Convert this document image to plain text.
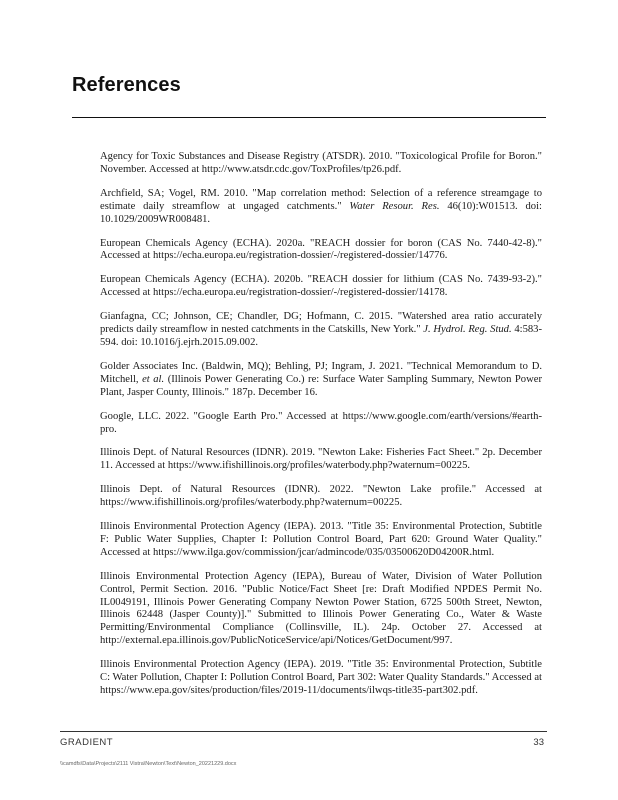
References

Agency for Toxic Substances and Disease Registry (ATSDR). 2010. "Toxicological Profile for Boron." November. Accessed at http://www.atsdr.cdc.gov/ToxProfiles/tp26.pdf.

Archfield, SA; Vogel, RM. 2010. "Map correlation method: Selection of a reference streamgage to estimate daily streamflow at ungaged catchments." Water Resour. Res. 46(10):W01513. doi: 10.1029/2009WR008481.

European Chemicals Agency (ECHA). 2020a. "REACH dossier for boron (CAS No. 7440-42-8)." Accessed at https://echa.europa.eu/registration-dossier/-/registered-dossier/14776.

European Chemicals Agency (ECHA). 2020b. "REACH dossier for lithium (CAS No. 7439-93-2)." Accessed at https://echa.europa.eu/registration-dossier/-/registered-dossier/14178.

Gianfagna, CC; Johnson, CE; Chandler, DG; Hofmann, C. 2015. "Watershed area ratio accurately predicts daily streamflow in nested catchments in the Catskills, New York." J. Hydrol. Reg. Stud. 4:583-594. doi: 10.1016/j.ejrh.2015.09.002.

Golder Associates Inc. (Baldwin, MQ); Behling, PJ; Ingram, J. 2021. "Technical Memorandum to D. Mitchell, et al. (Illinois Power Generating Co.) re: Surface Water Sampling Summary, Newton Power Plant, Jasper County, Illinois." 187p. December 16.

Google, LLC. 2022. "Google Earth Pro." Accessed at https://www.google.com/earth/versions/#earth-pro.

Illinois Dept. of Natural Resources (IDNR). 2019. "Newton Lake: Fisheries Fact Sheet." 2p. December 11. Accessed at https://www.ifishillinois.org/profiles/waterbody.php?waternum=00225.

Illinois Dept. of Natural Resources (IDNR). 2022. "Newton Lake profile." Accessed at https://www.ifishillinois.org/profiles/waterbody.php?waternum=00225.

Illinois Environmental Protection Agency (IEPA). 2013. "Title 35: Environmental Protection, Subtitle F: Public Water Supplies, Chapter I: Pollution Control Board, Part 620: Ground Water Quality." Accessed at https://www.ilga.gov/commission/jcar/admincode/035/03500620D04200R.html.

Illinois Environmental Protection Agency (IEPA), Bureau of Water, Division of Water Pollution Control, Permit Section. 2016. "Public Notice/Fact Sheet [re: Draft Modified NPDES Permit No. IL0049191, Illinois Power Generating Company Newton Power Station, 6725 500th Street, Newton, Illinois 62448 (Jasper County)]." Submitted to Illinois Power Generating Co., Water & Waste Permitting/Environmental Compliance (Collinsville, IL). 24p. October 27. Accessed at http://external.epa.illinois.gov/PublicNoticeService/api/Notices/GetDocument/997.

Illinois Environmental Protection Agency (IEPA). 2019. "Title 35: Environmental Protection, Subtitle C: Water Pollution, Chapter I: Pollution Control Board, Part 302: Water Quality Standards." Accessed at https://www.epa.gov/sites/production/files/2019-11/documents/ilwqs-title35-part302.pdf.

GRADIENT	33
\\camdfs\Data\Projects\2111 Vistra\Newton\Text\Newton_20221229.docx
